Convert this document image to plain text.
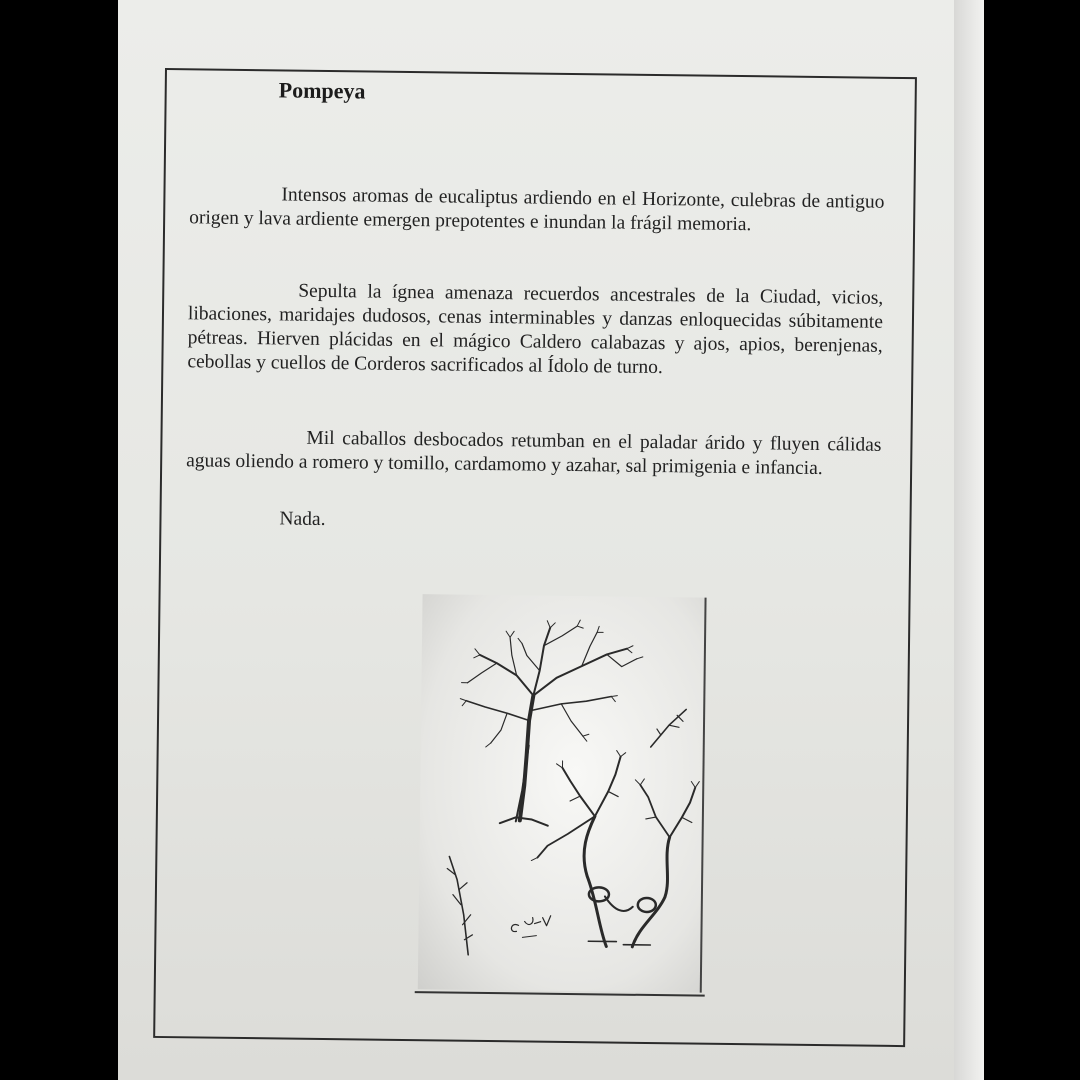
Pompeya

Intensos aromas de eucaliptus ardiendo en el Horizonte, culebras de antiguo origen y lava ardiente emergen prepotentes e inundan la frágil memoria.

Sepulta la ígnea amenaza recuerdos ancestrales de la Ciudad, vicios, libaciones, maridajes dudosos, cenas interminables y danzas enloquecidas súbitamente pétreas. Hierven plácidas en el mágico Caldero calabazas y ajos, apios, berenjenas, cebollas y cuellos de Corderos sacrificados al Ídolo de turno.

Mil caballos desbocados retumban en el paladar árido y fluyen cálidas aguas oliendo a romero y tomillo, cardamomo y azahar, sal primigenia e infancia.

Nada.
